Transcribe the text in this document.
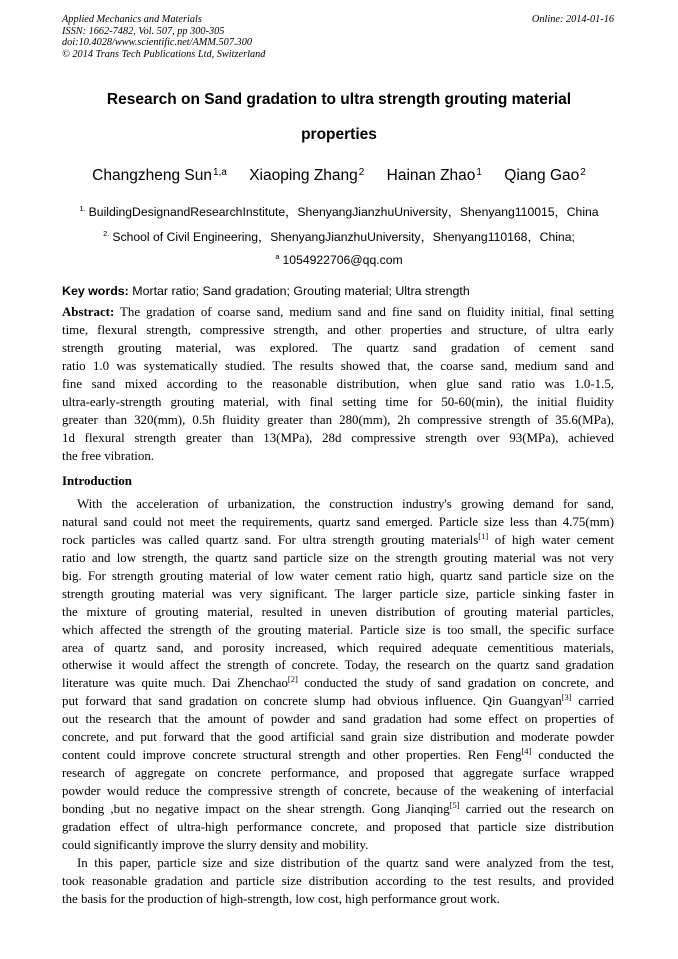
Applied Mechanics and Materials
ISSN: 1662-7482, Vol. 507, pp 300-305
doi:10.4028/www.scientific.net/AMM.507.300
© 2014 Trans Tech Publications Ltd, Switzerland
Online: 2014-01-16
Research on Sand gradation to ultra strength grouting material
properties
Changzheng Sun$^{1,a}$ Xiaoping Zhang$^2$ Hainan Zhao$^1$ Qiang Gao$^2$
$^{1.}$ BuildingDesignandResearchInstitute，ShenyangJianzhuUniversity，Shenyang110015，China
$^{2.}$ School of Civil Engineering，ShenyangJianzhuUniversity，Shenyang110168，China;
$^a$ 1054922706@qq.com
Key words: Mortar ratio; Sand gradation; Grouting material; Ultra strength
Abstract: The gradation of coarse sand, medium sand and fine sand on fluidity initial, final setting
time, flexural strength, compressive strength, and other properties and structure, of ultra early
strength grouting material, was explored. The quartz sand gradation of cement sand
ratio 1.0 was systematically studied. The results showed that, the coarse sand, medium sand and
fine sand mixed according to the reasonable distribution, when glue sand ratio was 1.0-1.5,
ultra-early-strength grouting material, with final setting time for 50-60(min), the initial fluidity
greater than 320(mm), 0.5h fluidity greater than 280(mm), 2h compressive strength of 35.6(MPa),
1d flexural strength greater than 13(MPa), 28d compressive strength over 93(MPa), achieved
the free vibration.
Introduction
With the acceleration of urbanization, the construction industry's growing demand for sand,
natural sand could not meet the requirements, quartz sand emerged. Particle size less than 4.75(mm)
rock particles was called quartz sand. For ultra strength grouting materials[1] of high water cement
ratio and low strength, the quartz sand particle size on the strength grouting material was not very
big. For strength grouting material of low water cement ratio high, quartz sand particle size on the
strength grouting material was very significant. The larger particle size, particle sinking faster in
the mixture of grouting material, resulted in uneven distribution of grouting material particles,
which affected the strength of the grouting material. Particle size is too small, the specific surface
area of quartz sand, and porosity increased, which required adequate cementitious materials,
otherwise it would affect the strength of concrete. Today, the research on the quartz sand gradation
literature was quite much. Dai Zhenchao[2] conducted the study of sand gradation on concrete, and
put forward that sand gradation on concrete slump had obvious influence. Qin Guangyan[3] carried
out the research that the amount of powder and sand gradation had some effect on properties of
concrete, and put forward that the good artificial sand grain size distribution and moderate powder
content could improve concrete structural strength and other properties. Ren Feng[4] conducted the
research of aggregate on concrete performance, and proposed that aggregate surface wrapped
powder would reduce the compressive strength of concrete, because of the weakening of interfacial
bonding ,but no negative impact on the shear strength. Gong Jianqing[5] carried out the research on
gradation effect of ultra-high performance concrete, and proposed that particle size distribution
could significantly improve the slurry density and mobility.
In this paper, particle size and size distribution of the quartz sand were analyzed from the test,
took reasonable gradation and particle size distribution according to the test results, and provided
the basis for the production of high-strength, low cost, high performance grout work.
